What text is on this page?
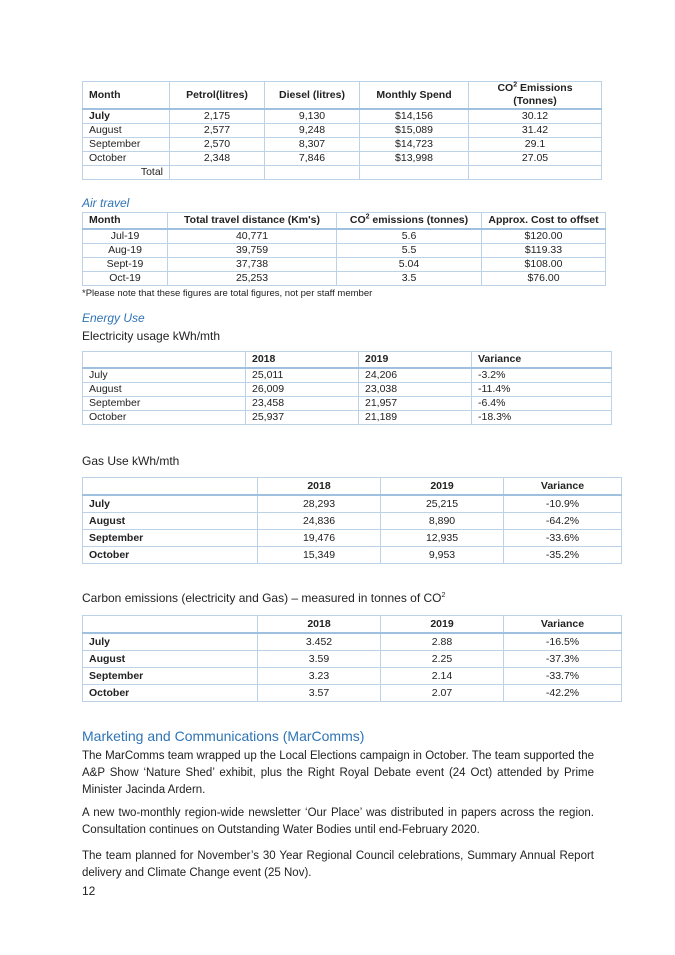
Month	Petrol(litres)	Diesel (litres)	Monthly Spend	$CO^2$ Emissions (Tonnes)
July	2,175	9,130	$14,156	30.12
August	2,577	9,248	$15,089	31.42
September	2,570	8,307	$14,723	29.1
October	2,348	7,846	$13,998	27.05
Total				
Air travel
Month	Total travel distance (Km's)	$CO^2$ emissions (tonnes)	Approx. Cost to offset
Jul-19	40,771	5.6	$120.00
Aug-19	39,759	5.5	$119.33
Sept-19	37,738	5.04	$108.00
Oct-19	25,253	3.5	$76.00
*Please note that these figures are total figures, not per staff member
Energy Use
Electricity usage kWh/mth
	2018	2019	Variance
July	25,011	24,206	-3.2%
August	26,009	23,038	-11.4%
September	23,458	21,957	-6.4%
October	25,937	21,189	-18.3%
Gas Use kWh/mth
	2018	2019	Variance
July	28,293	25,215	-10.9%
August	24,836	8,890	-64.2%
September	19,476	12,935	-33.6%
October	15,349	9,953	-35.2%
Carbon emissions (electricity and Gas) – measured in tonnes of $CO^2$
	2018	2019	Variance
July	3.452	2.88	-16.5%
August	3.59	2.25	-37.3%
September	3.23	2.14	-33.7%
October	3.57	2.07	-42.2%
Marketing and Communications (MarComms)
The MarComms team wrapped up the Local Elections campaign in October. The team supported the A&P Show ‘Nature Shed’ exhibit, plus the Right Royal Debate event (24 Oct) attended by Prime Minister Jacinda Ardern.
A new two-monthly region-wide newsletter ‘Our Place’ was distributed in papers across the region. Consultation continues on Outstanding Water Bodies until end-February 2020.
The team planned for November’s 30 Year Regional Council celebrations, Summary Annual Report delivery and Climate Change event (25 Nov).
12
